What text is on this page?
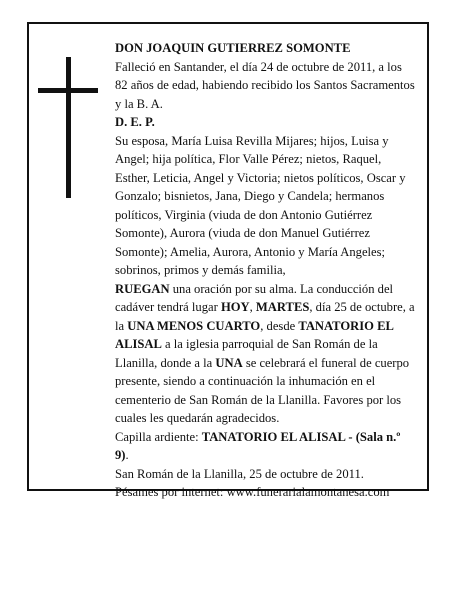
DON JOAQUIN GUTIERREZ SOMONTE

Falleció en Santander, el día 24 de octubre de 2011, a los 82 años de edad, habiendo recibido los Santos Sacramentos y la B. A.

D. E. P.

Su esposa, María Luisa Revilla Mijares; hijos, Luisa y Angel; hija política, Flor Valle Pérez; nietos, Raquel, Esther, Leticia, Angel y Victoria; nietos políticos, Oscar y Gonzalo; bisnietos, Jana, Diego y Candela; hermanos políticos, Virginia (viuda de don Antonio Gutiérrez Somonte), Aurora (viuda de don Manuel Gutiérrez Somonte); Amelia, Aurora, Antonio y María Angeles; sobrinos, primos y demás familia,

RUEGAN una oración por su alma. La conducción del cadáver tendrá lugar HOY, MARTES, día 25 de octubre, a la UNA MENOS CUARTO, desde TANATORIO EL ALISAL a la iglesia parroquial de San Román de la Llanilla, donde a la UNA se celebrará el funeral de cuerpo presente, siendo a continuación la inhumación en el cementerio de San Román de la Llanilla. Favores por los cuales les quedarán agradecidos.

Capilla ardiente: TANATORIO EL ALISAL - (Sala n.º 9).

San Román de la Llanilla, 25 de octubre de 2011.

Pésames por internet: www.funerarialamontanesa.com
